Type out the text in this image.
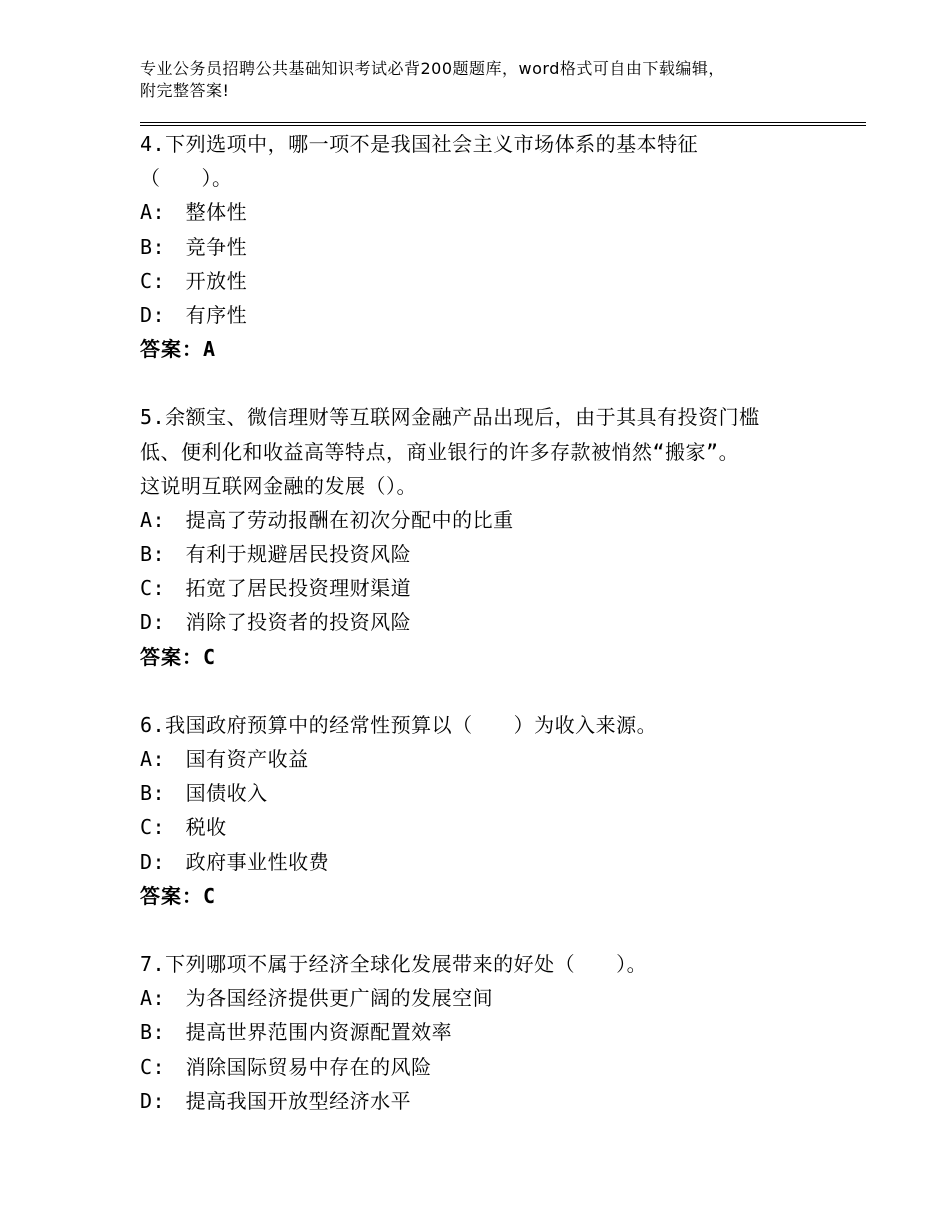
专业公务员招聘公共基础知识考试必背200题题库，word格式可自由下载编辑，
附完整答案!
4.下列选项中，哪一项不是我国社会主义市场体系的基本特征
（　　）。
A:　整体性
B:　竞争性
C:　开放性
D:　有序性
答案：A
5.余额宝、微信理财等互联网金融产品出现后，由于其具有投资门槛
低、便利化和收益高等特点，商业银行的许多存款被悄然“搬家”。
这说明互联网金融的发展（）。
A:　提高了劳动报酬在初次分配中的比重
B:　有利于规避居民投资风险
C:　拓宽了居民投资理财渠道
D:　消除了投资者的投资风险
答案：C
6.我国政府预算中的经常性预算以（　　）为收入来源。
A:　国有资产收益
B:　国债收入
C:　税收
D:　政府事业性收费
答案：C
7.下列哪项不属于经济全球化发展带来的好处（　　）。
A:　为各国经济提供更广阔的发展空间
B:　提高世界范围内资源配置效率
C:　消除国际贸易中存在的风险
D:　提高我国开放型经济水平
